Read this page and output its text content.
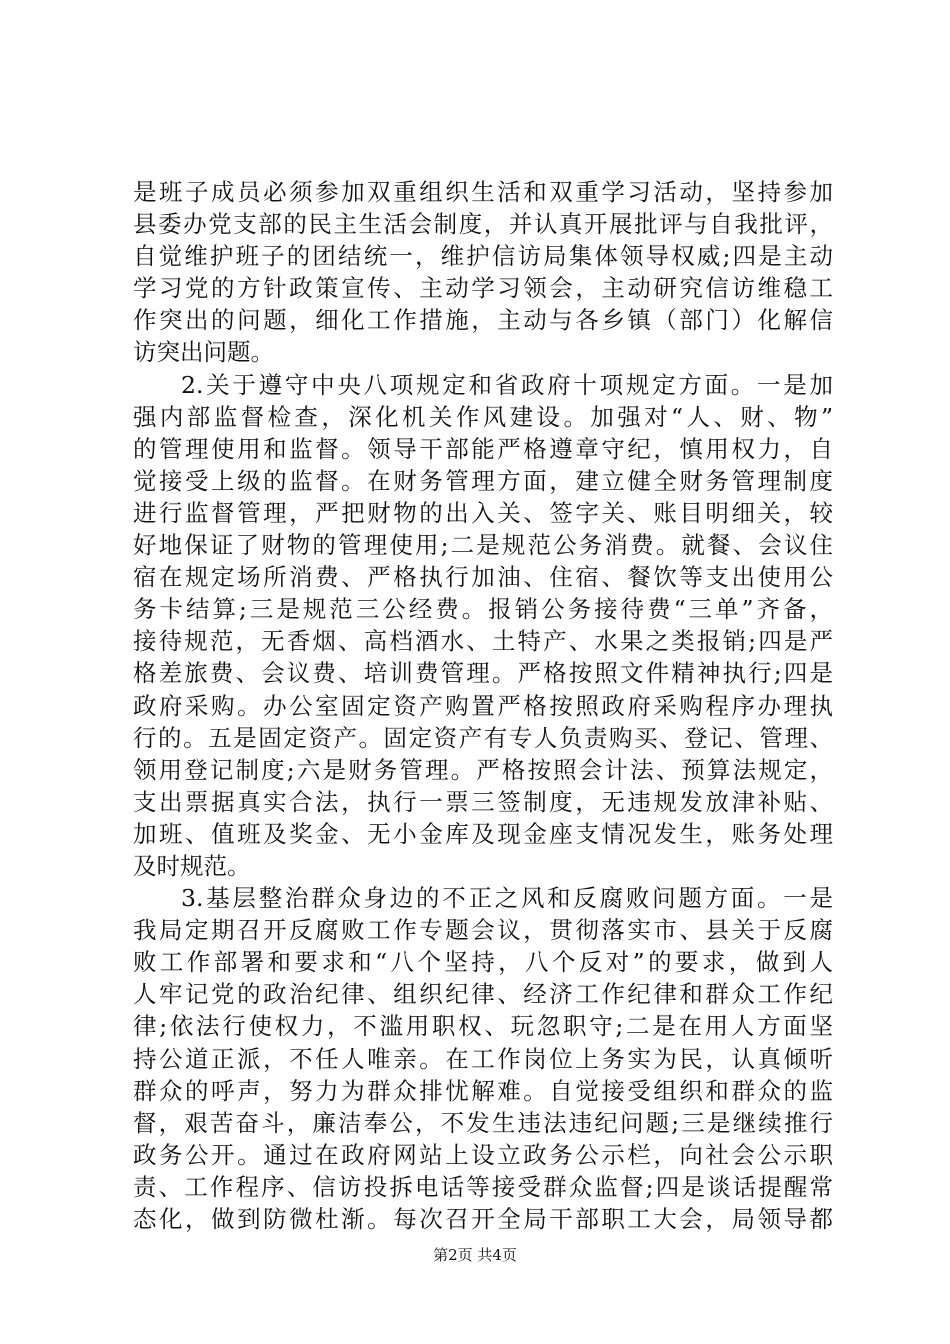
是班子成员必须参加双重组织生活和双重学习活动，坚持参加
县委办党支部的民主生活会制度，并认真开展批评与自我批评，
自觉维护班子的团结统一，维护信访局集体领导权威;四是主动
学习党的方针政策宣传、主动学习领会，主动研究信访维稳工
作突出的问题，细化工作措施，主动与各乡镇（部门）化解信
访突出问题。
2.关于遵守中央八项规定和省政府十项规定方面。一是加
强内部监督检查，深化机关作风建设。加强对“人、财、物”
的管理使用和监督。领导干部能严格遵章守纪，慎用权力，自
觉接受上级的监督。在财务管理方面，建立健全财务管理制度
进行监督管理，严把财物的出入关、签字关、账目明细关，较
好地保证了财物的管理使用;二是规范公务消费。就餐、会议住
宿在规定场所消费、严格执行加油、住宿、餐饮等支出使用公
务卡结算;三是规范三公经费。报销公务接待费“三单”齐备，
接待规范，无香烟、高档酒水、土特产、水果之类报销;四是严
格差旅费、会议费、培训费管理。严格按照文件精神执行;四是
政府采购。办公室固定资产购置严格按照政府采购程序办理执
行的。五是固定资产。固定资产有专人负责购买、登记、管理、
领用登记制度;六是财务管理。严格按照会计法、预算法规定，
支出票据真实合法，执行一票三签制度，无违规发放津补贴、
加班、值班及奖金、无小金库及现金座支情况发生，账务处理
及时规范。
3.基层整治群众身边的不正之风和反腐败问题方面。一是
我局定期召开反腐败工作专题会议，贯彻落实市、县关于反腐
败工作部署和要求和“八个坚持，八个反对”的要求，做到人
人牢记党的政治纪律、组织纪律、经济工作纪律和群众工作纪
律;依法行使权力，不滥用职权、玩忽职守;二是在用人方面坚
持公道正派，不任人唯亲。在工作岗位上务实为民，认真倾听
群众的呼声，努力为群众排忧解难。自觉接受组织和群众的监
督，艰苦奋斗，廉洁奉公，不发生违法违纪问题;三是继续推行
政务公开。通过在政府网站上设立政务公示栏，向社会公示职
责、工作程序、信访投拆电话等接受群众监督;四是谈话提醒常
态化，做到防微杜渐。每次召开全局干部职工大会，局领导都
第2页 共4页
